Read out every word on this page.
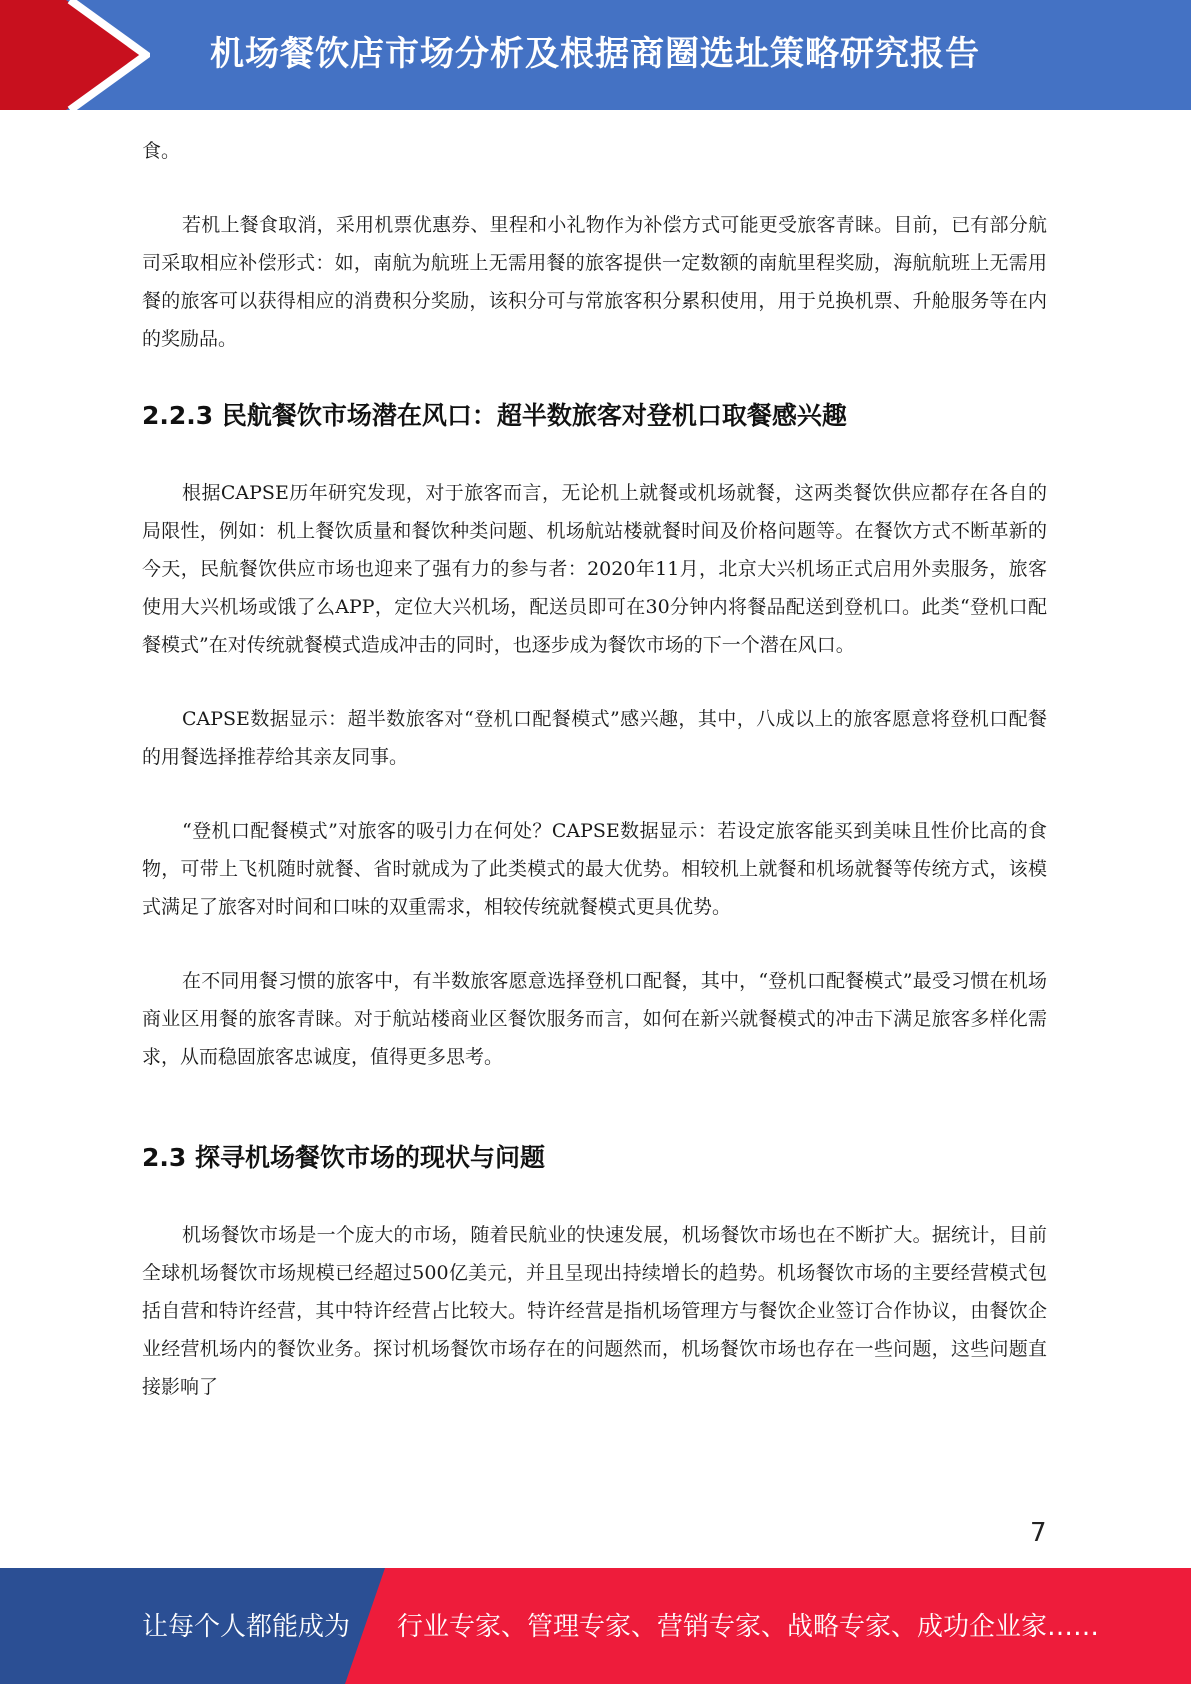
机场餐饮店市场分析及根据商圈选址策略研究报告

食。

若机上餐食取消，采用机票优惠券、里程和小礼物作为补偿方式可能更受旅客青睐。目前，已有部分航司采取相应补偿形式：如，南航为航班上无需用餐的旅客提供一定数额的南航里程奖励，海航航班上无需用餐的旅客可以获得相应的消费积分奖励，该积分可与常旅客积分累积使用，用于兑换机票、升舱服务等在内的奖励品。

2.2.3 民航餐饮市场潜在风口：超半数旅客对登机口取餐感兴趣

根据CAPSE历年研究发现，对于旅客而言，无论机上就餐或机场就餐，这两类餐饮供应都存在各自的局限性，例如：机上餐饮质量和餐饮种类问题、机场航站楼就餐时间及价格问题等。在餐饮方式不断革新的今天，民航餐饮供应市场也迎来了强有力的参与者：2020年11月，北京大兴机场正式启用外卖服务，旅客使用大兴机场或饿了么APP，定位大兴机场，配送员即可在30分钟内将餐品配送到登机口。此类“登机口配餐模式”在对传统就餐模式造成冲击的同时，也逐步成为餐饮市场的下一个潜在风口。

CAPSE数据显示：超半数旅客对“登机口配餐模式”感兴趣，其中，八成以上的旅客愿意将登机口配餐的用餐选择推荐给其亲友同事。

“登机口配餐模式”对旅客的吸引力在何处？CAPSE数据显示：若设定旅客能买到美味且性价比高的食物，可带上飞机随时就餐、省时就成为了此类模式的最大优势。相较机上就餐和机场就餐等传统方式，该模式满足了旅客对时间和口味的双重需求，相较传统就餐模式更具优势。

在不同用餐习惯的旅客中，有半数旅客愿意选择登机口配餐，其中，“登机口配餐模式”最受习惯在机场商业区用餐的旅客青睐。对于航站楼商业区餐饮服务而言，如何在新兴就餐模式的冲击下满足旅客多样化需求，从而稳固旅客忠诚度，值得更多思考。

2.3 探寻机场餐饮市场的现状与问题

机场餐饮市场是一个庞大的市场，随着民航业的快速发展，机场餐饮市场也在不断扩大。据统计，目前全球机场餐饮市场规模已经超过500亿美元，并且呈现出持续增长的趋势。机场餐饮市场的主要经营模式包括自营和特许经营，其中特许经营占比较大。特许经营是指机场管理方与餐饮企业签订合作协议，由餐饮企业经营机场内的餐饮业务。探讨机场餐饮市场存在的问题然而，机场餐饮市场也存在一些问题，这些问题直接影响了

7
让每个人都能成为 行业专家、管理专家、营销专家、战略专家、成功企业家……
